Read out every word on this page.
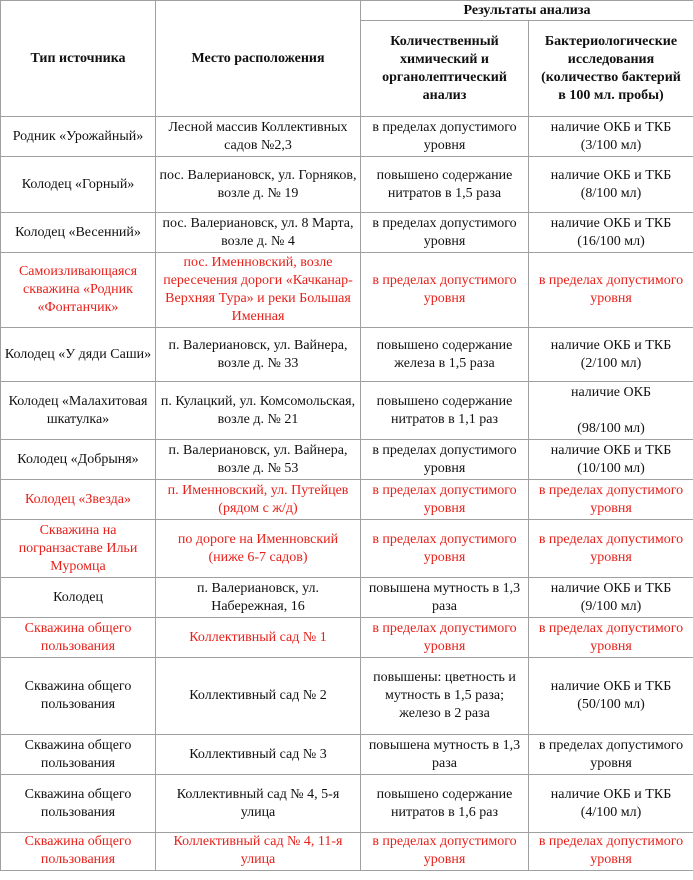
Тип источника	Место расположения	Результаты анализа	
		Количественный химический и органолептический анализ	Бактериологические исследования (количество бактерий
в 100 мл. пробы)

Родник «Урожайный»	Лесной массив Коллективных садов №2,3	в пределах допустимого уровня	наличие ОКБ и ТКБ (3/100 мл)
Колодец «Горный»	пос. Валериановск, ул. Горняков, возле д. № 19	повышено содержание нитратов в 1,5 раза	наличие ОКБ и ТКБ (8/100 мл)
Колодец «Весенний»	пос. Валериановск, ул. 8 Марта, возле д. № 4	в пределах допустимого уровня	наличие ОКБ и ТКБ (16/100 мл)
Самоизливающаяся скважина «Родник «Фонтанчик»	пос. Именновский, возле пересечения дороги «Качканар-Верхняя Тура» и реки Большая Именная	в пределах допустимого уровня	в пределах допустимого уровня
Колодец «У дяди Саши»	п. Валериановск, ул. Вайнера, возле д. № 33	повышено содержание железа в 1,5 раза	наличие ОКБ и ТКБ (2/100 мл)
Колодец «Малахитовая шкатулка»	п. Кулацкий, ул. Комсомольская, возле д. № 21	повышено содержание нитратов в 1,1 раз	наличие ОКБ
(98/100 мл)

Колодец «Добрыня»	п. Валериановск, ул. Вайнера, возле д. № 53	в пределах допустимого уровня	наличие ОКБ и ТКБ (10/100 мл)
Колодец «Звезда»	п. Именновский, ул. Путейцев (рядом с ж/д)	в пределах допустимого уровня	в пределах допустимого уровня
Скважина на погранзаставе Ильи Муромца	по дороге на Именновский (ниже 6-7 садов)	в пределах допустимого уровня	в пределах допустимого уровня
Колодец	п. Валериановск, ул. Набережная, 16	повышена мутность в 1,3 раза	наличие ОКБ и ТКБ (9/100 мл)
Скважина общего пользования	Коллективный сад № 1	в пределах допустимого уровня	в пределах допустимого уровня
Скважина общего пользования	Коллективный сад № 2	повышены: цветность и мутность в 1,5 раза; железо в 2 раза	наличие ОКБ и ТКБ (50/100 мл)
Скважина общего пользования	Коллективный сад № 3	повышена мутность в 1,3 раза	в пределах допустимого уровня
Скважина общего пользования	Коллективный сад № 4, 5-я улица	повышено содержание нитратов в 1,6 раз	наличие ОКБ и ТКБ (4/100 мл)
Скважина общего пользования	Коллективный сад № 4, 11-я улица	в пределах допустимого уровня	в пределах допустимого уровня
